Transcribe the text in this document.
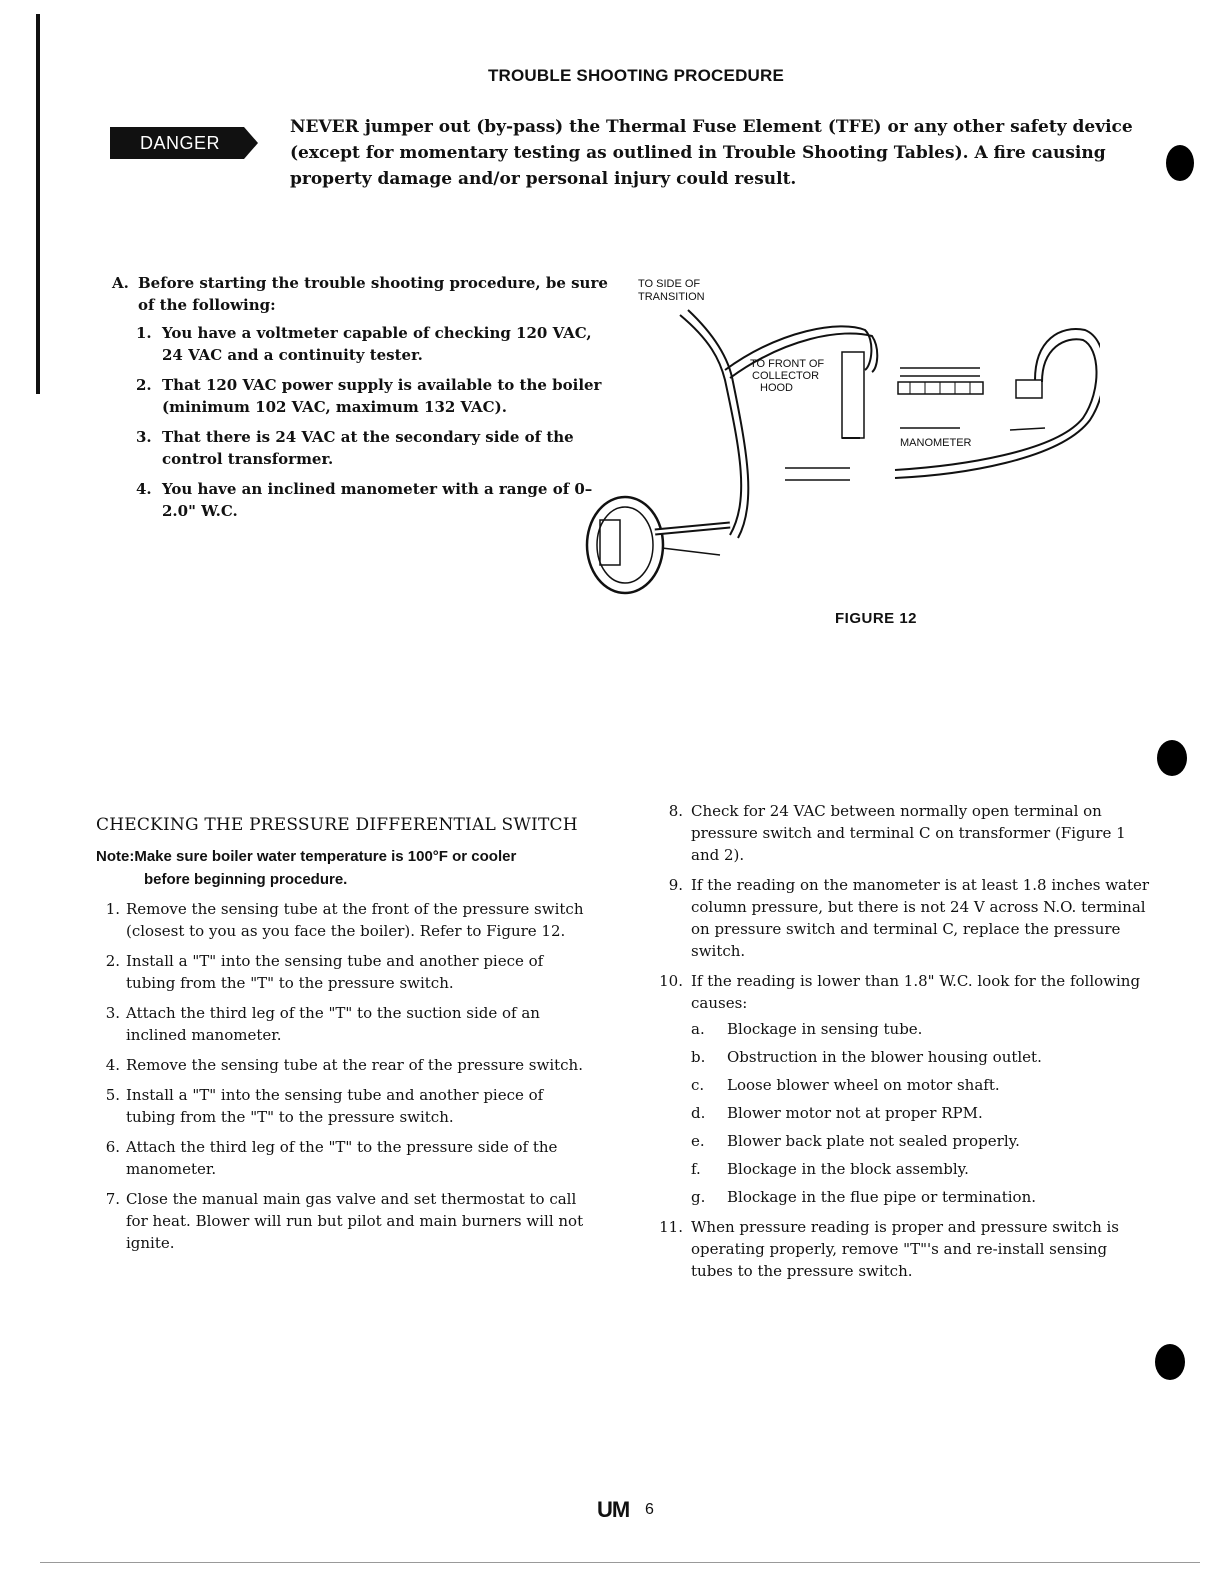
TROUBLE SHOOTING PROCEDURE
DANGER
NEVER jumper out (by-pass) the Thermal Fuse Element (TFE) or any other safety device (except for momentary testing as outlined in Trouble Shooting Tables). A fire causing property damage and/or personal injury could result.
A. Before starting the trouble shooting procedure, be sure of the following:
1. You have a voltmeter capable of checking 120 VAC, 24 VAC and a continuity tester.
2. That 120 VAC power supply is available to the boiler (minimum 102 VAC, maximum 132 VAC).
3. That there is 24 VAC at the secondary side of the control transformer.
4. You have an inclined manometer with a range of 0–2.0" W.C.
TO SIDE OF
TRANSITION
TO FRONT OF
COLLECTOR
HOOD
MANOMETER
FIGURE 12
CHECKING THE PRESSURE DIFFERENTIAL SWITCH
Note:Make sure boiler water temperature is 100°F or cooler
before beginning procedure.
1. Remove the sensing tube at the front of the pressure switch (closest to you as you face the boiler). Refer to Figure 12.
2. Install a "T" into the sensing tube and another piece of tubing from the "T" to the pressure switch.
3. Attach the third leg of the "T" to the suction side of an inclined manometer.
4. Remove the sensing tube at the rear of the pressure switch.
5. Install a "T" into the sensing tube and another piece of tubing from the "T" to the pressure switch.
6. Attach the third leg of the "T" to the pressure side of the manometer.
7. Close the manual main gas valve and set thermostat to call for heat. Blower will run but pilot and main burners will not ignite.
8. Check for 24 VAC between normally open terminal on pressure switch and terminal C on transformer (Figure 1 and 2).
9. If the reading on the manometer is at least 1.8 inches water column pressure, but there is not 24 V across N.O. terminal on pressure switch and terminal C, replace the pressure switch.
10. If the reading is lower than 1.8" W.C. look for the following causes:
a. Blockage in sensing tube.
b. Obstruction in the blower housing outlet.
c. Loose blower wheel on motor shaft.
d. Blower motor not at proper RPM.
e. Blower back plate not sealed properly.
f. Blockage in the block assembly.
g. Blockage in the flue pipe or termination.
11. When pressure reading is proper and pressure switch is operating properly, remove "T"'s and re-install sensing tubes to the pressure switch.
UM 6
